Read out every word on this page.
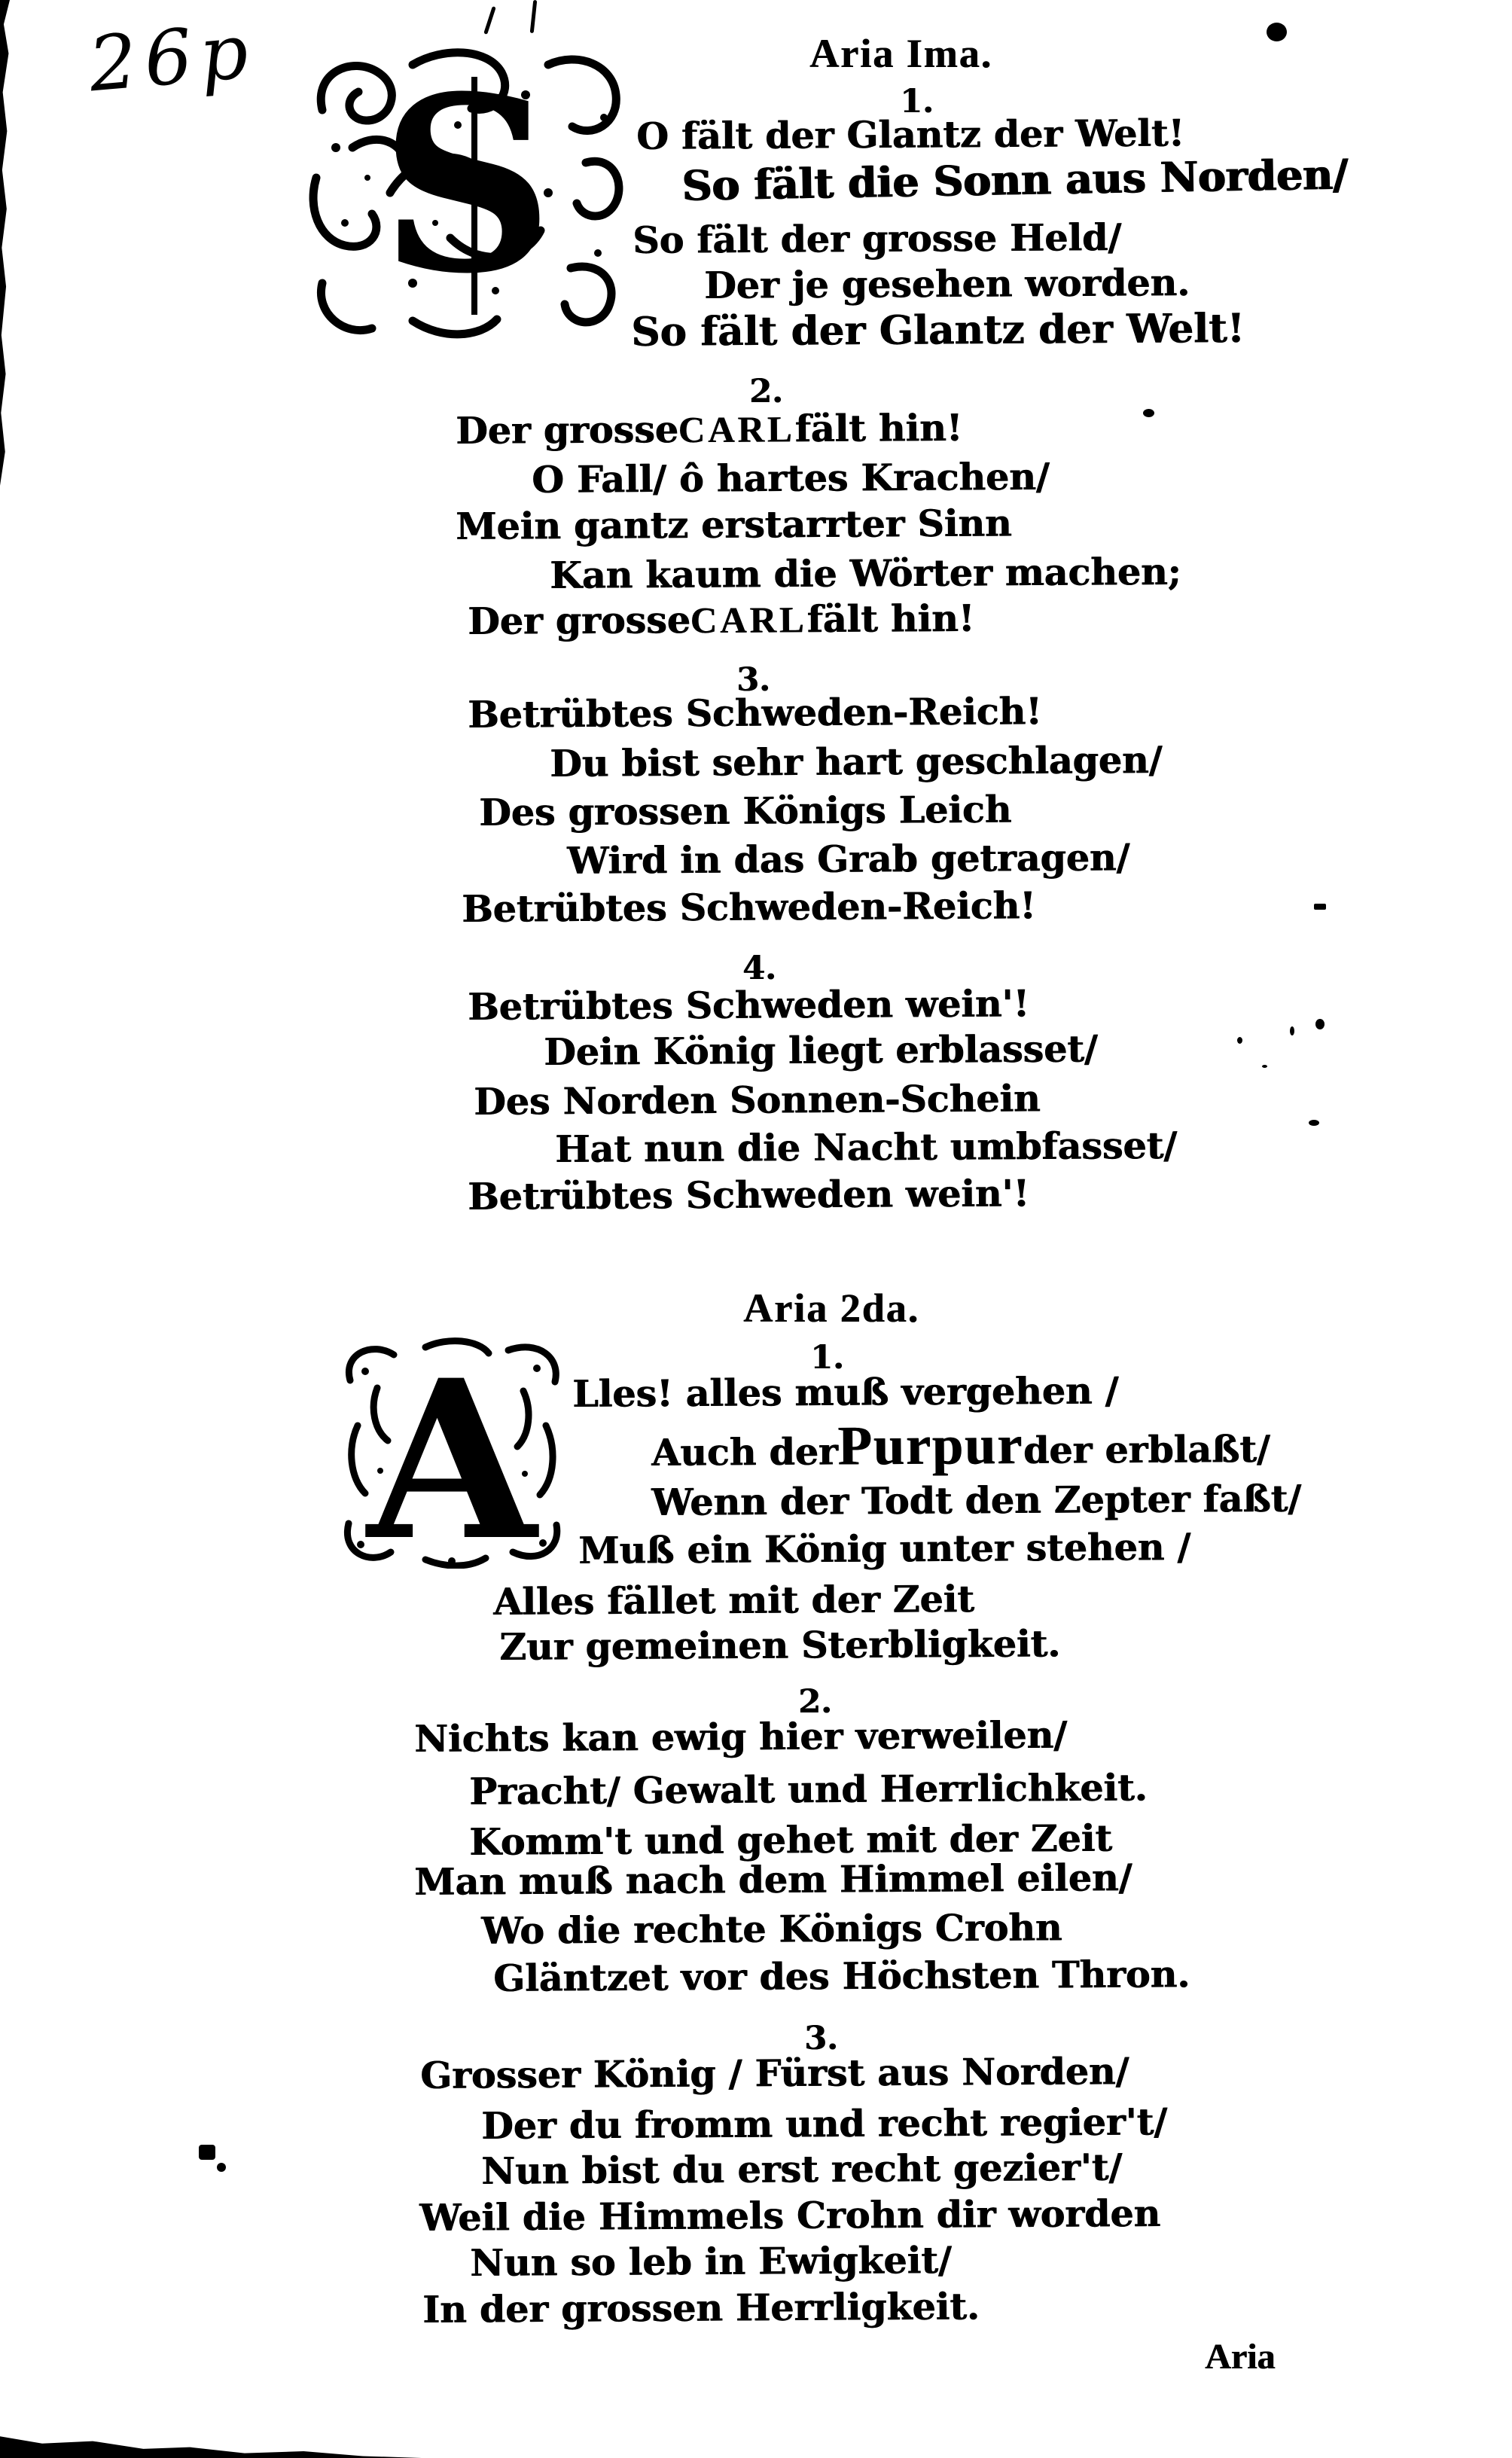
26p	Aria Ima.
1.
S O fält der Glantz der Welt!
So fält die Sonn aus Norden/
So fält der grosse Held/
Der je gesehen worden.
So fält der Glantz der Welt!
2.
Der grosse CARL fält hin!
O Fall/ ô hartes Krachen/
Mein gantz erstarrter Sinn
Kan kaum die Wörter machen;
Der grosse CARL fält hin!
3.
Betrübtes Schweden-Reich!
Du bist sehr hart geschlagen/
Des grossen Königs Leich
Wird in das Grab getragen/
Betrübtes Schweden-Reich!
4.
Betrübtes Schweden wein'!
Dein König liegt erblasset/
Des Norden Sonnen-Schein
Hat nun die Nacht umbfasset/
Betrübtes Schweden wein'!
Aria 2da.
1.
A Lles! alles muß vergehen /
Auch der Purpur der erblaßt/
Wenn der Todt den Zepter faßt/
Muß ein König unter stehen /
Alles fället mit der Zeit
Zur gemeinen Sterbligkeit.
2.
Nichts kan ewig hier verweilen/
Pracht/ Gewalt und Herrlichkeit.
Komm't und gehet mit der Zeit
Man muß nach dem Himmel eilen/
Wo die rechte Königs Crohn
Gläntzet vor des Höchsten Thron.
3.
Grosser König / Fürst aus Norden/
Der du fromm und recht regier't/
Nun bist du erst recht gezier't/
Weil die Himmels Crohn dir worden
Nun so leb in Ewigkeit/
In der grossen Herrligkeit.
Aria
